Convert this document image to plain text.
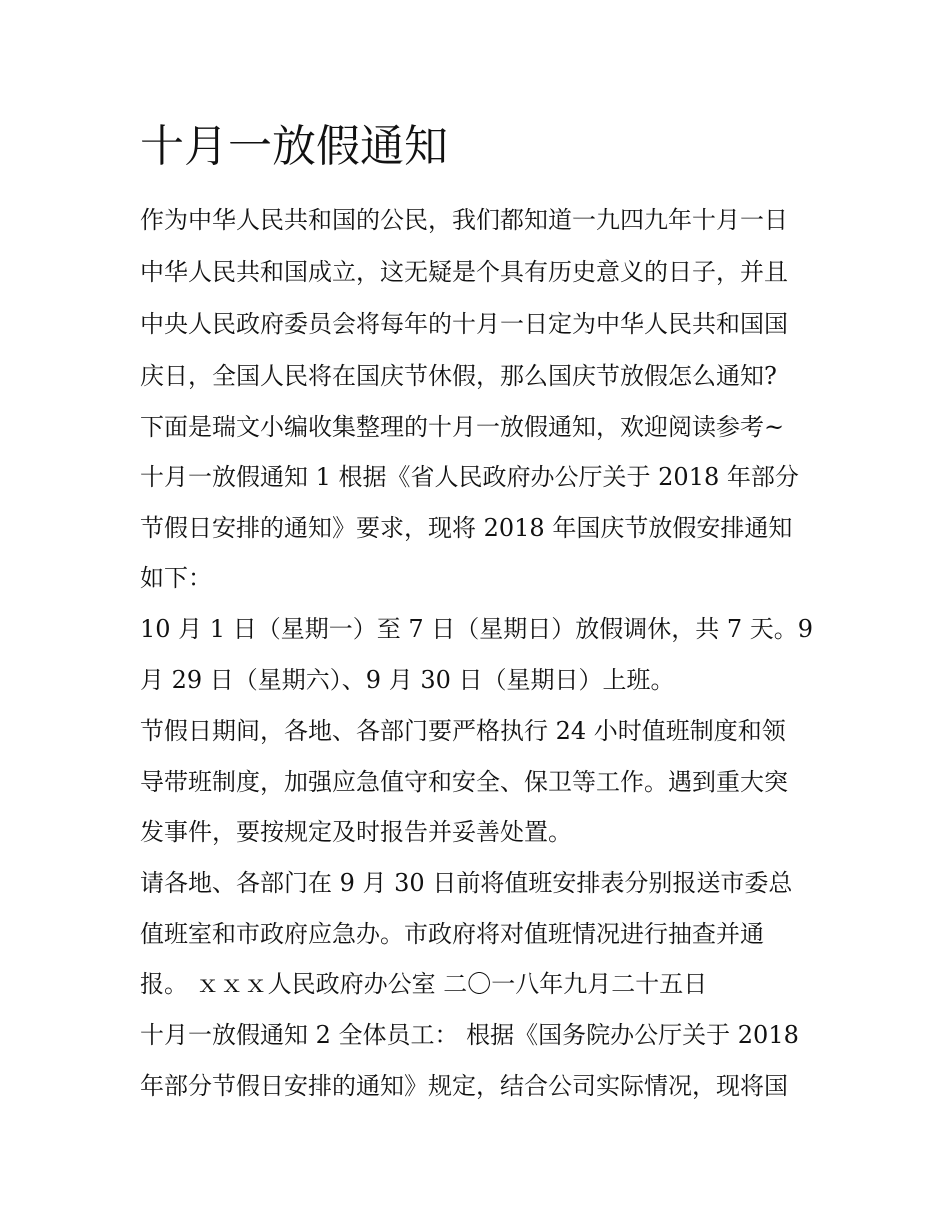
十月一放假通知

作为中华人民共和国的公民，我们都知道一九四九年十月一日

中华人民共和国成立，这无疑是个具有历史意义的日子，并且

中央人民政府委员会将每年的十月一日定为中华人民共和国国

庆日，全国人民将在国庆节休假，那么国庆节放假怎么通知?

下面是瑞文小编收集整理的十月一放假通知，欢迎阅读参考~

十月一放假通知 1 根据《省人民政府办公厅关于 2018 年部分

节假日安排的通知》要求，现将 2018 年国庆节放假安排通知

如下：

10 月 1 日（星期一）至 7 日（星期日）放假调休，共 7 天。9

月 29 日（星期六）、9 月 30 日（星期日）上班。

节假日期间，各地、各部门要严格执行 24 小时值班制度和领

导带班制度，加强应急值守和安全、保卫等工作。遇到重大突

发事件，要按规定及时报告并妥善处置。

请各地、各部门在 9 月 30 日前将值班安排表分别报送市委总

值班室和市政府应急办。市政府将对值班情况进行抽查并通

报。 ｘｘｘ人民政府办公室 二〇一八年九月二十五日

十月一放假通知 2 全体员工： 根据《国务院办公厅关于 2018

年部分节假日安排的通知》规定，结合公司实际情况，现将国
